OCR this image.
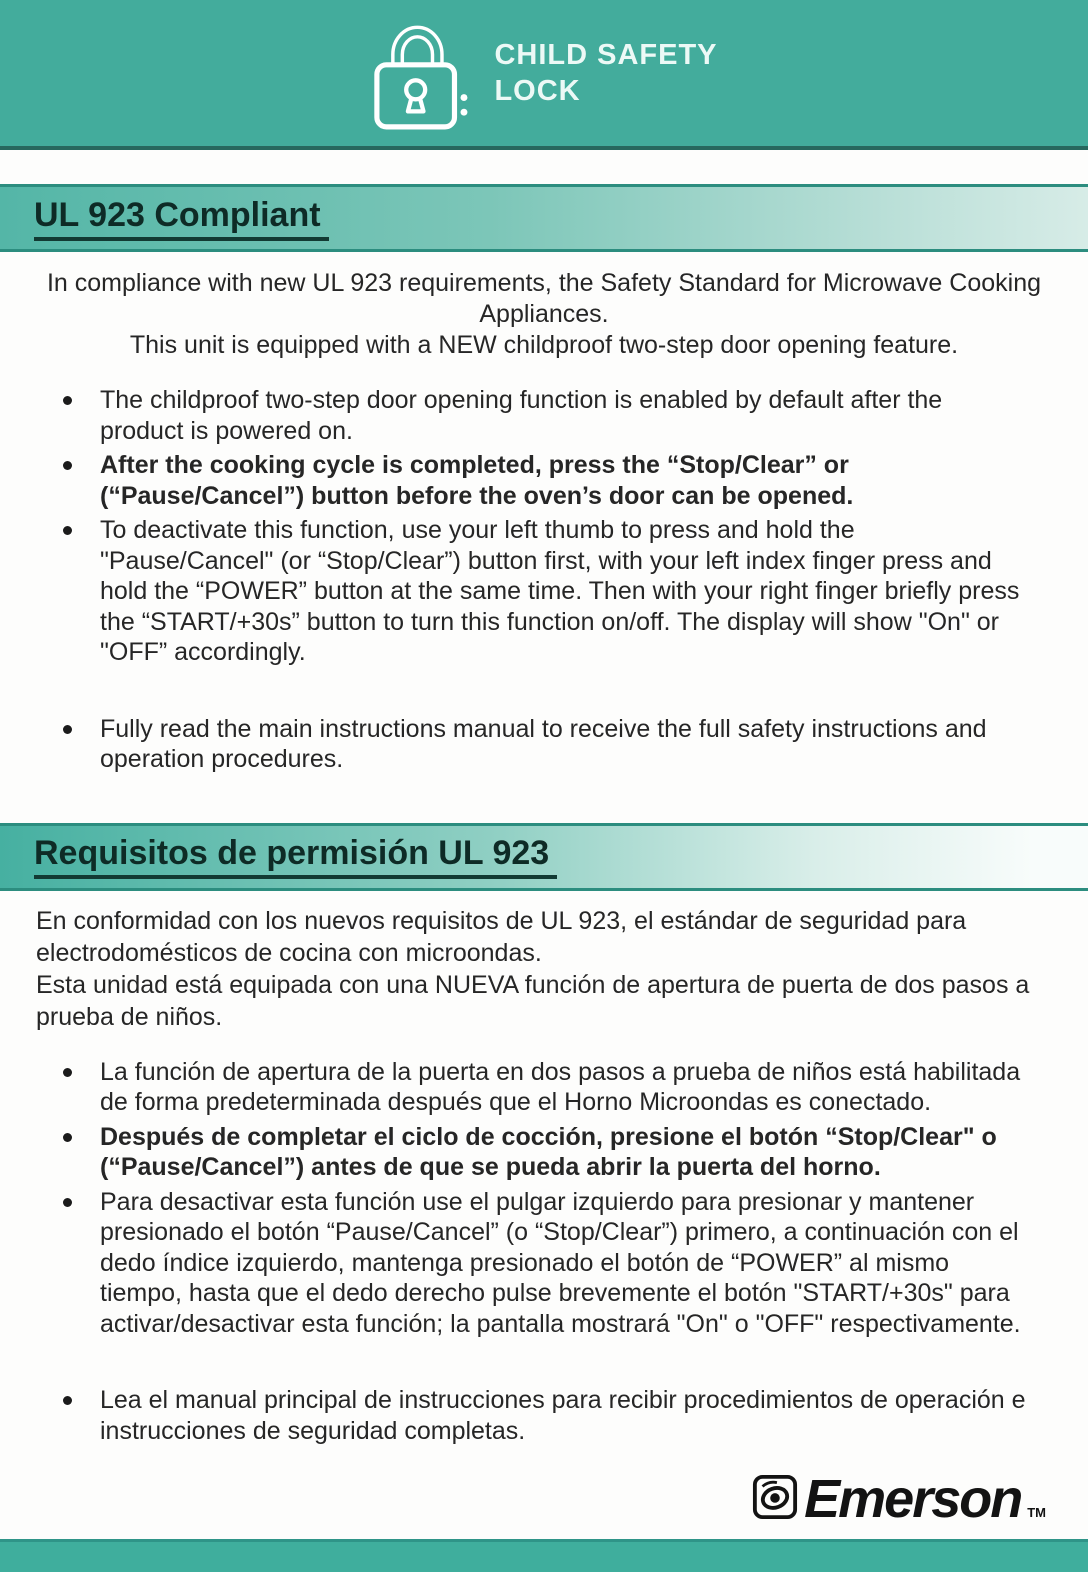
CHILD SAFETY
LOCK
UL 923 Compliant

In compliance with new UL 923 requirements, the Safety Standard for Microwave Cooking Appliances.

This unit is equipped with a NEW childproof two-step door opening feature.

The childproof two-step door opening function is enabled by default after the product is powered on.
After the cooking cycle is completed, press the “Stop/Clear” or (“Pause/Cancel”) button before the oven’s door can be opened.
To deactivate this function, use your left thumb to press and hold the "Pause/Cancel" (or “Stop/Clear”) button first, with your left index finger press and hold the “POWER” button at the same time. Then with your right finger briefly press the “START/+30s” button to turn this function on/off. The display will show "On" or "OFF” accordingly.
Fully read the main instructions manual to receive the full safety instructions and operation procedures.
Requisitos de permisión UL 923

En conformidad con los nuevos requisitos de UL 923, el estándar de seguridad para electrodomésticos de cocina con microondas.

Esta unidad está equipada con una NUEVA función de apertura de puerta de dos pasos a prueba de niños.

La función de apertura de la puerta en dos pasos a prueba de niños está habilitada de forma predeterminada después que el Horno Microondas es conectado.
Después de completar el ciclo de cocción, presione el botón “Stop/Clear" o (“Pause/Cancel”) antes de que se pueda abrir la puerta del horno.
Para desactivar esta función use el pulgar izquierdo para presionar y mantener presionado el botón “Pause/Cancel” (o “Stop/Clear”) primero, a continuación con el dedo índice izquierdo, mantenga presionado el botón de “POWER” al mismo tiempo, hasta que el dedo derecho pulse brevemente el botón "START/+30s" para activar/desactivar esta función; la pantalla mostrará "On" o "OFF" respectivamente.
Lea el manual principal de instrucciones para recibir procedimientos de operación e instrucciones de seguridad completas.
Emerson TM
